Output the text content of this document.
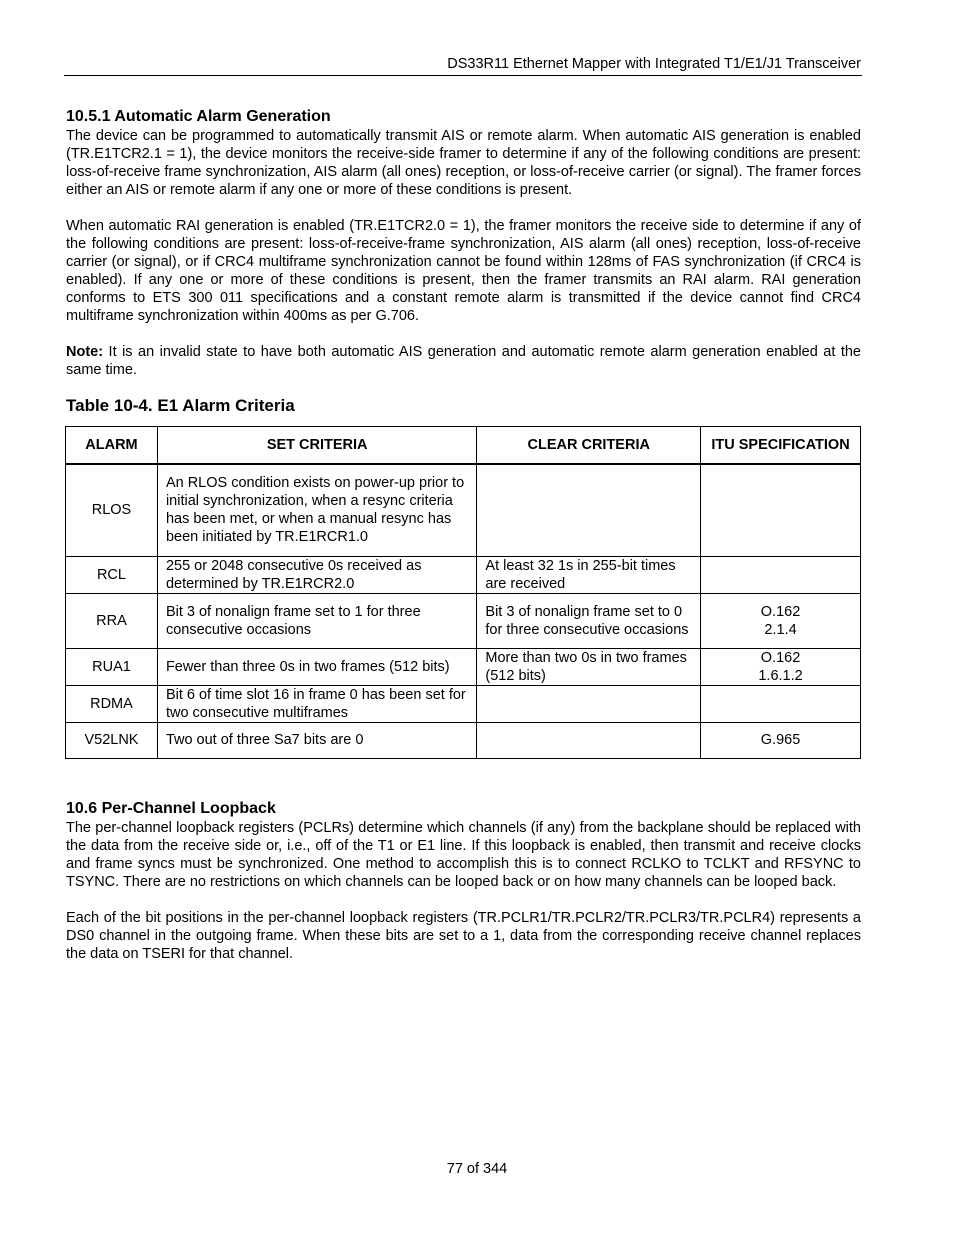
DS33R11 Ethernet Mapper with Integrated T1/E1/J1 Transceiver
10.5.1 Automatic Alarm Generation

The device can be programmed to automatically transmit AIS or remote alarm. When automatic AIS generation is enabled (TR.E1TCR2.1 = 1), the device monitors the receive-side framer to determine if any of the following conditions are present: loss-of-receive frame synchronization, AIS alarm (all ones) reception, or loss-of-receive carrier (or signal). The framer forces either an AIS or remote alarm if any one or more of these conditions is present.

When automatic RAI generation is enabled (TR.E1TCR2.0 = 1), the framer monitors the receive side to determine if any of the following conditions are present: loss-of-receive-frame synchronization, AIS alarm (all ones) reception, loss-of-receive carrier (or signal), or if CRC4 multiframe synchronization cannot be found within 128ms of FAS synchronization (if CRC4 is enabled). If any one or more of these conditions is present, then the framer transmits an RAI alarm. RAI generation conforms to ETS 300 011 specifications and a constant remote alarm is transmitted if the device cannot find CRC4 multiframe synchronization within 400ms as per G.706.

Note: It is an invalid state to have both automatic AIS generation and automatic remote alarm generation enabled at the same time.

Table 10-4. E1 Alarm Criteria
ALARM	SET CRITERIA	CLEAR CRITERIA	ITU SPECIFICATION
RLOS	An RLOS condition exists on power-up prior to initial synchronization, when a resync criteria has been met, or when a manual resync has been initiated by TR.E1RCR1.0		

RCL	255 or 2048 consecutive 0s received as determined by TR.E1RCR2.0	At least 32 1s in 255-bit times are received	

RRA	Bit 3 of nonalign frame set to 1 for three consecutive occasions	Bit 3 of nonalign frame set to 0 for three consecutive occasions	O.162
2.1.4

RUA1	Fewer than three 0s in two frames (512 bits)	More than two 0s in two frames (512 bits)	O.162
1.6.1.2

RDMA	Bit 6 of time slot 16 in frame 0 has been set for two consecutive multiframes		

V52LNK	Two out of three Sa7 bits are 0		G.965
10.6 Per-Channel Loopback

The per-channel loopback registers (PCLRs) determine which channels (if any) from the backplane should be replaced with the data from the receive side or, i.e., off of the T1 or E1 line. If this loopback is enabled, then transmit and receive clocks and frame syncs must be synchronized. One method to accomplish this is to connect RCLKO to TCLKT and RFSYNC to TSYNC. There are no restrictions on which channels can be looped back or on how many channels can be looped back.

Each of the bit positions in the per-channel loopback registers (TR.PCLR1/TR.PCLR2/TR.PCLR3/TR.PCLR4) represents a DS0 channel in the outgoing frame. When these bits are set to a 1, data from the corresponding receive channel replaces the data on TSERI for that channel.

77 of 344
